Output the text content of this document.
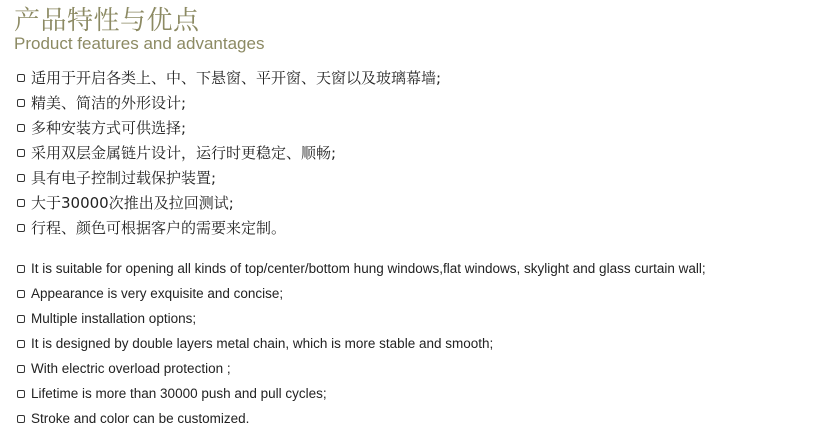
产品特性与优点
Product features and advantages
适用于开启各类上、中、下悬窗、平开窗、天窗以及玻璃幕墙;
精美、简洁的外形设计;
多种安装方式可供选择;
采用双层金属链片设计，运行时更稳定、顺畅;
具有电子控制过载保护装置;
大于30000次推出及拉回测试;
行程、颜色可根据客户的需要来定制。
It is suitable for opening all kinds of top/center/bottom hung windows,flat windows, skylight and glass curtain wall;
Appearance is very exquisite and concise;
Multiple installation options;
It is designed by double layers metal chain, which is more stable and smooth;
With electric overload protection ;
Lifetime is more than 30000 push and pull cycles;
Stroke and color can be customized.
